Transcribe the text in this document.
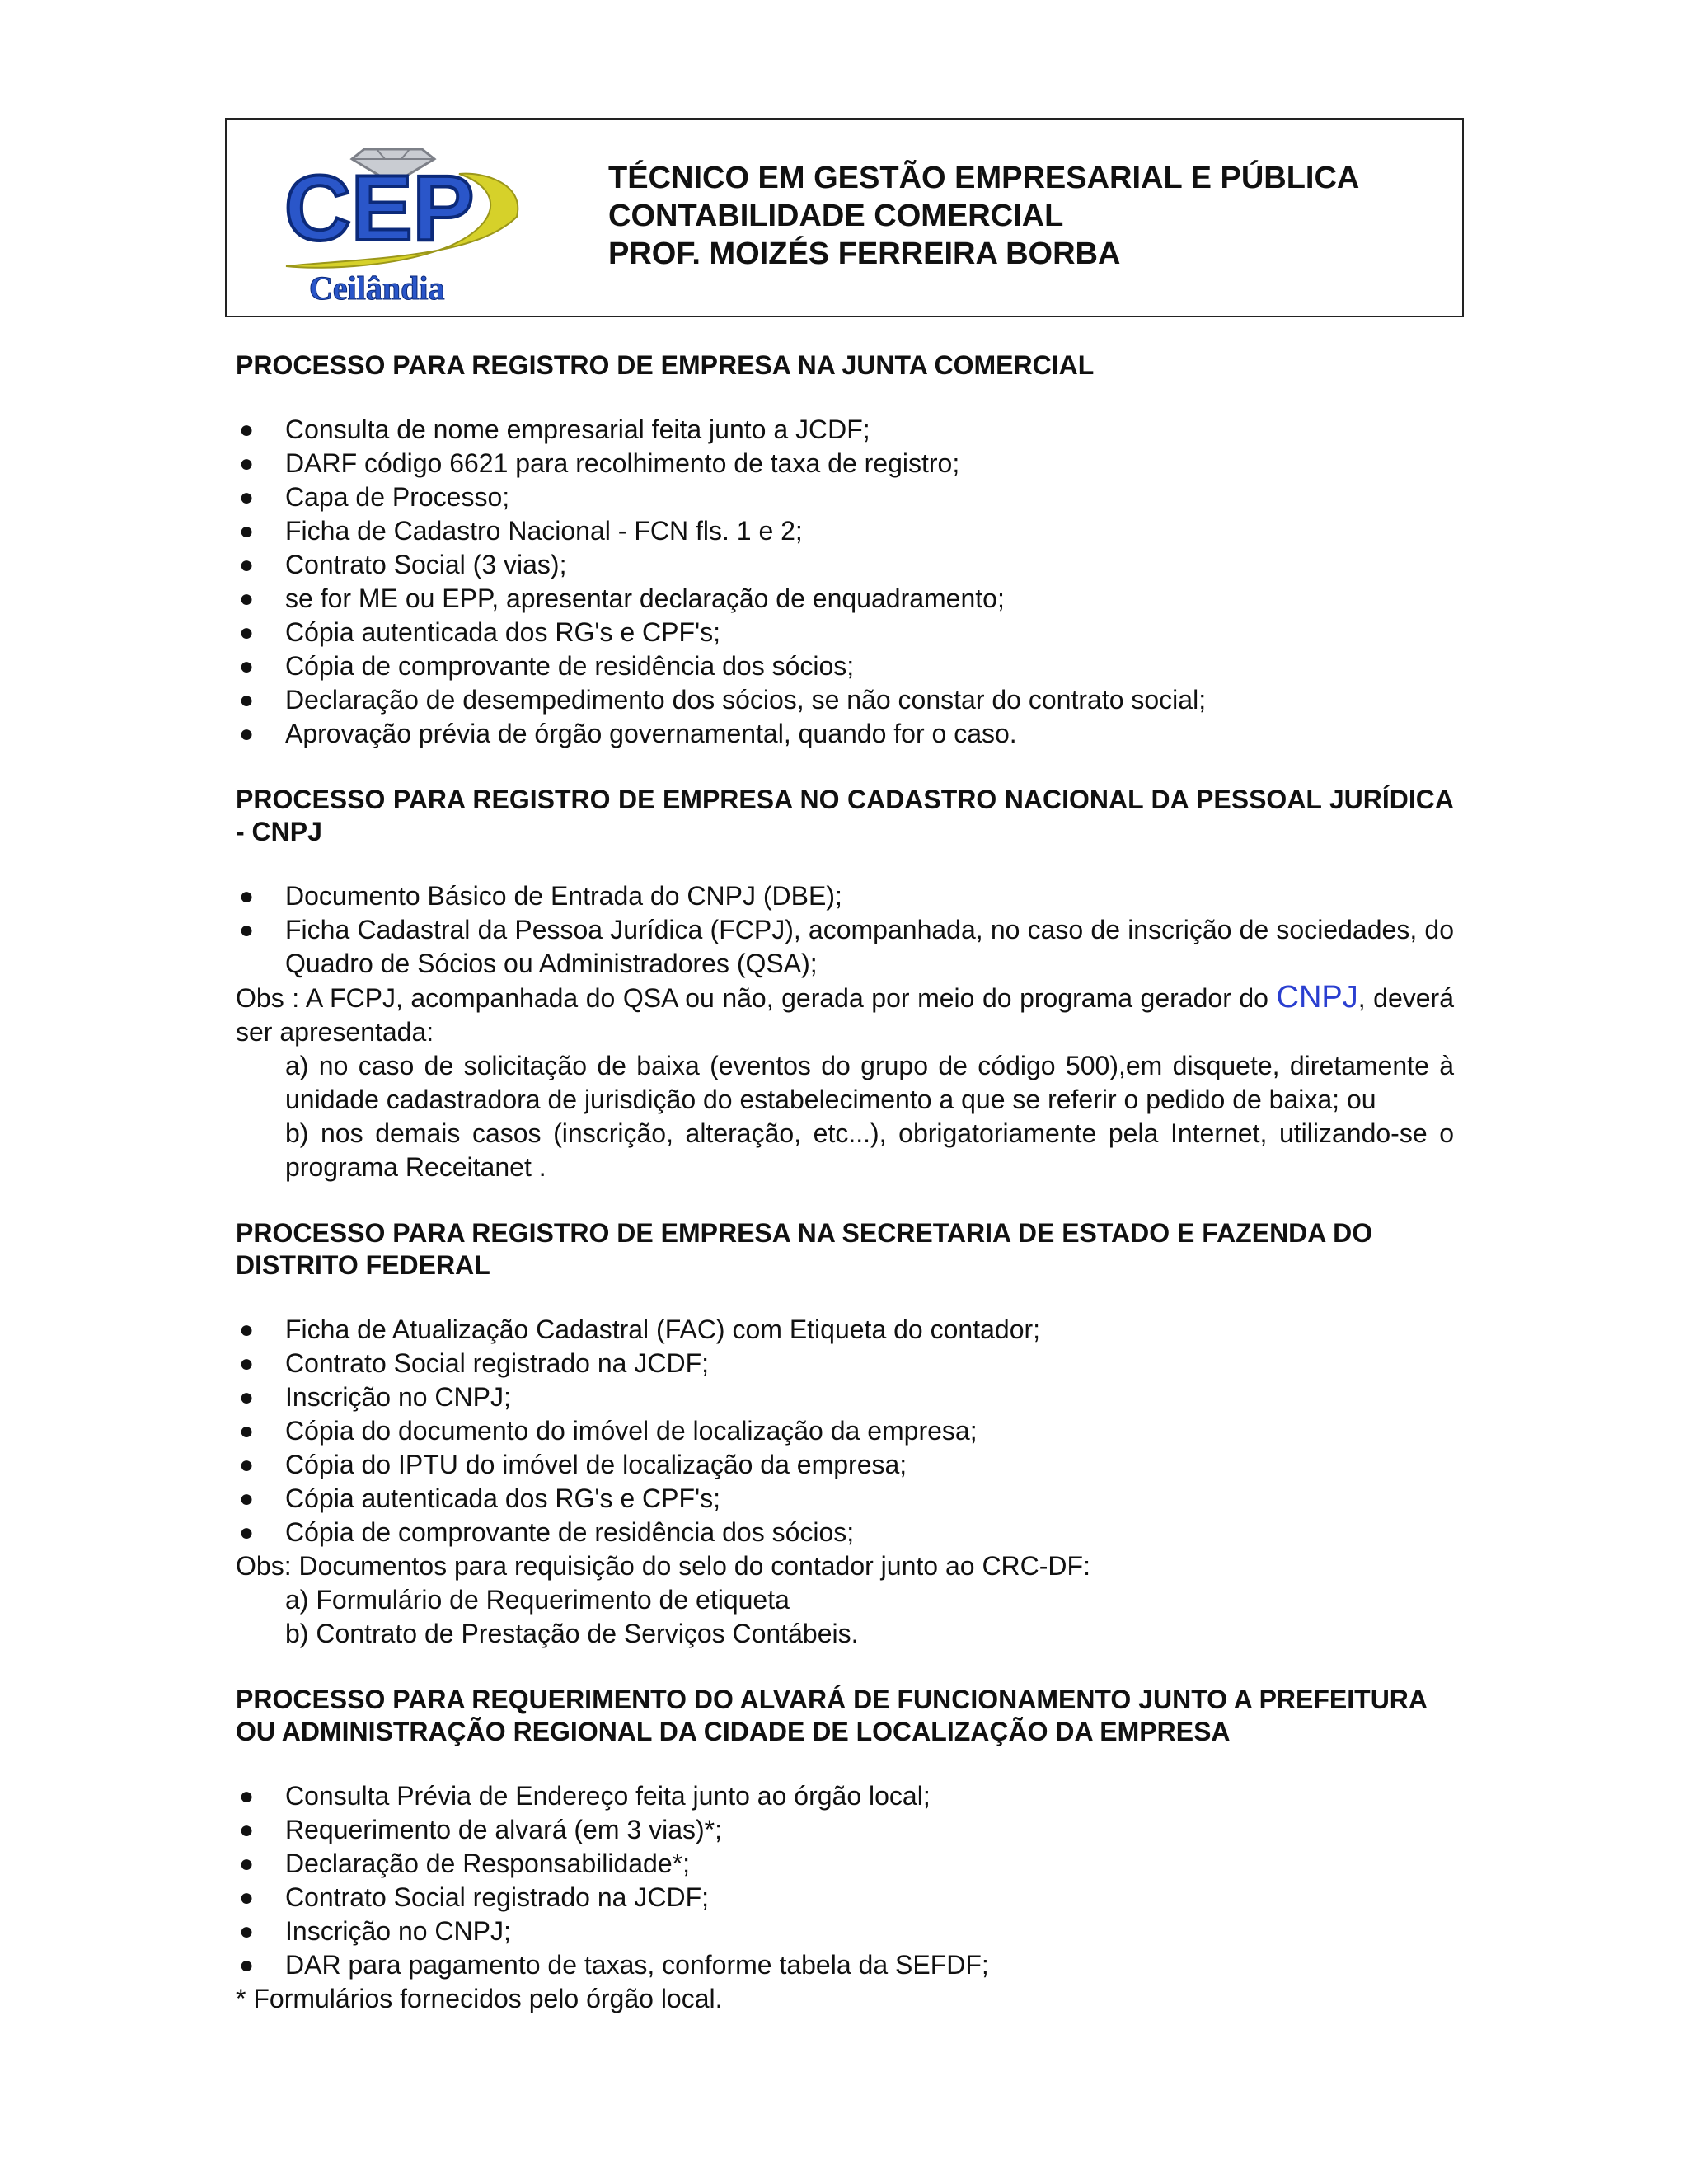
CEP
Ceilândia
TÉCNICO EM GESTÃO EMPRESARIAL E PÚBLICA
CONTABILIDADE COMERCIAL
PROF. MOIZÉS FERREIRA BORBA

PROCESSO PARA REGISTRO DE EMPRESA NA JUNTA COMERCIAL

● Consulta de nome empresarial feita junto a JCDF;
● DARF código 6621 para recolhimento de taxa de registro;
● Capa de Processo;
● Ficha de Cadastro Nacional - FCN fls. 1 e 2;
● Contrato Social (3 vias);
● se for ME ou EPP, apresentar declaração de enquadramento;
● Cópia autenticada dos RG's e CPF's;
● Cópia de comprovante de residência dos sócios;
● Declaração de desempedimento dos sócios, se não constar do contrato social;
● Aprovação prévia de órgão governamental, quando for o caso.

PROCESSO PARA REGISTRO DE EMPRESA NO CADASTRO NACIONAL DA PESSOAL JURÍDICA - CNPJ

● Documento Básico de Entrada do CNPJ (DBE);
● Ficha Cadastral da Pessoa Jurídica (FCPJ), acompanhada, no caso de inscrição de sociedades, do Quadro de Sócios ou Administradores (QSA);

Obs : A FCPJ, acompanhada do QSA ou não, gerada por meio do programa gerador do CNPJ, deverá ser apresentada:

a) no caso de solicitação de baixa (eventos do grupo de código 500),em disquete, diretamente à unidade cadastradora de jurisdição do estabelecimento a que se referir o pedido de baixa; ou

b) nos demais casos (inscrição, alteração, etc...), obrigatoriamente pela Internet, utilizando-se o programa Receitanet .

PROCESSO PARA REGISTRO DE EMPRESA NA SECRETARIA DE ESTADO E FAZENDA DO DISTRITO FEDERAL

● Ficha de Atualização Cadastral (FAC) com Etiqueta do contador;
● Contrato Social registrado na JCDF;
● Inscrição no CNPJ;
● Cópia do documento do imóvel de localização da empresa;
● Cópia do IPTU do imóvel de localização da empresa;
● Cópia autenticada dos RG's e CPF's;
● Cópia de comprovante de residência dos sócios;

Obs: Documentos para requisição do selo do contador junto ao CRC-DF:

a) Formulário de Requerimento de etiqueta

b) Contrato de Prestação de Serviços Contábeis.

PROCESSO PARA REQUERIMENTO DO ALVARÁ DE FUNCIONAMENTO JUNTO A PREFEITURA OU ADMINISTRAÇÃO REGIONAL DA CIDADE DE LOCALIZAÇÃO DA EMPRESA

● Consulta Prévia de Endereço feita junto ao órgão local;
● Requerimento de alvará (em 3 vias)*;
● Declaração de Responsabilidade*;
● Contrato Social registrado na JCDF;
● Inscrição no CNPJ;
● DAR para pagamento de taxas, conforme tabela da SEFDF;

* Formulários fornecidos pelo órgão local.
